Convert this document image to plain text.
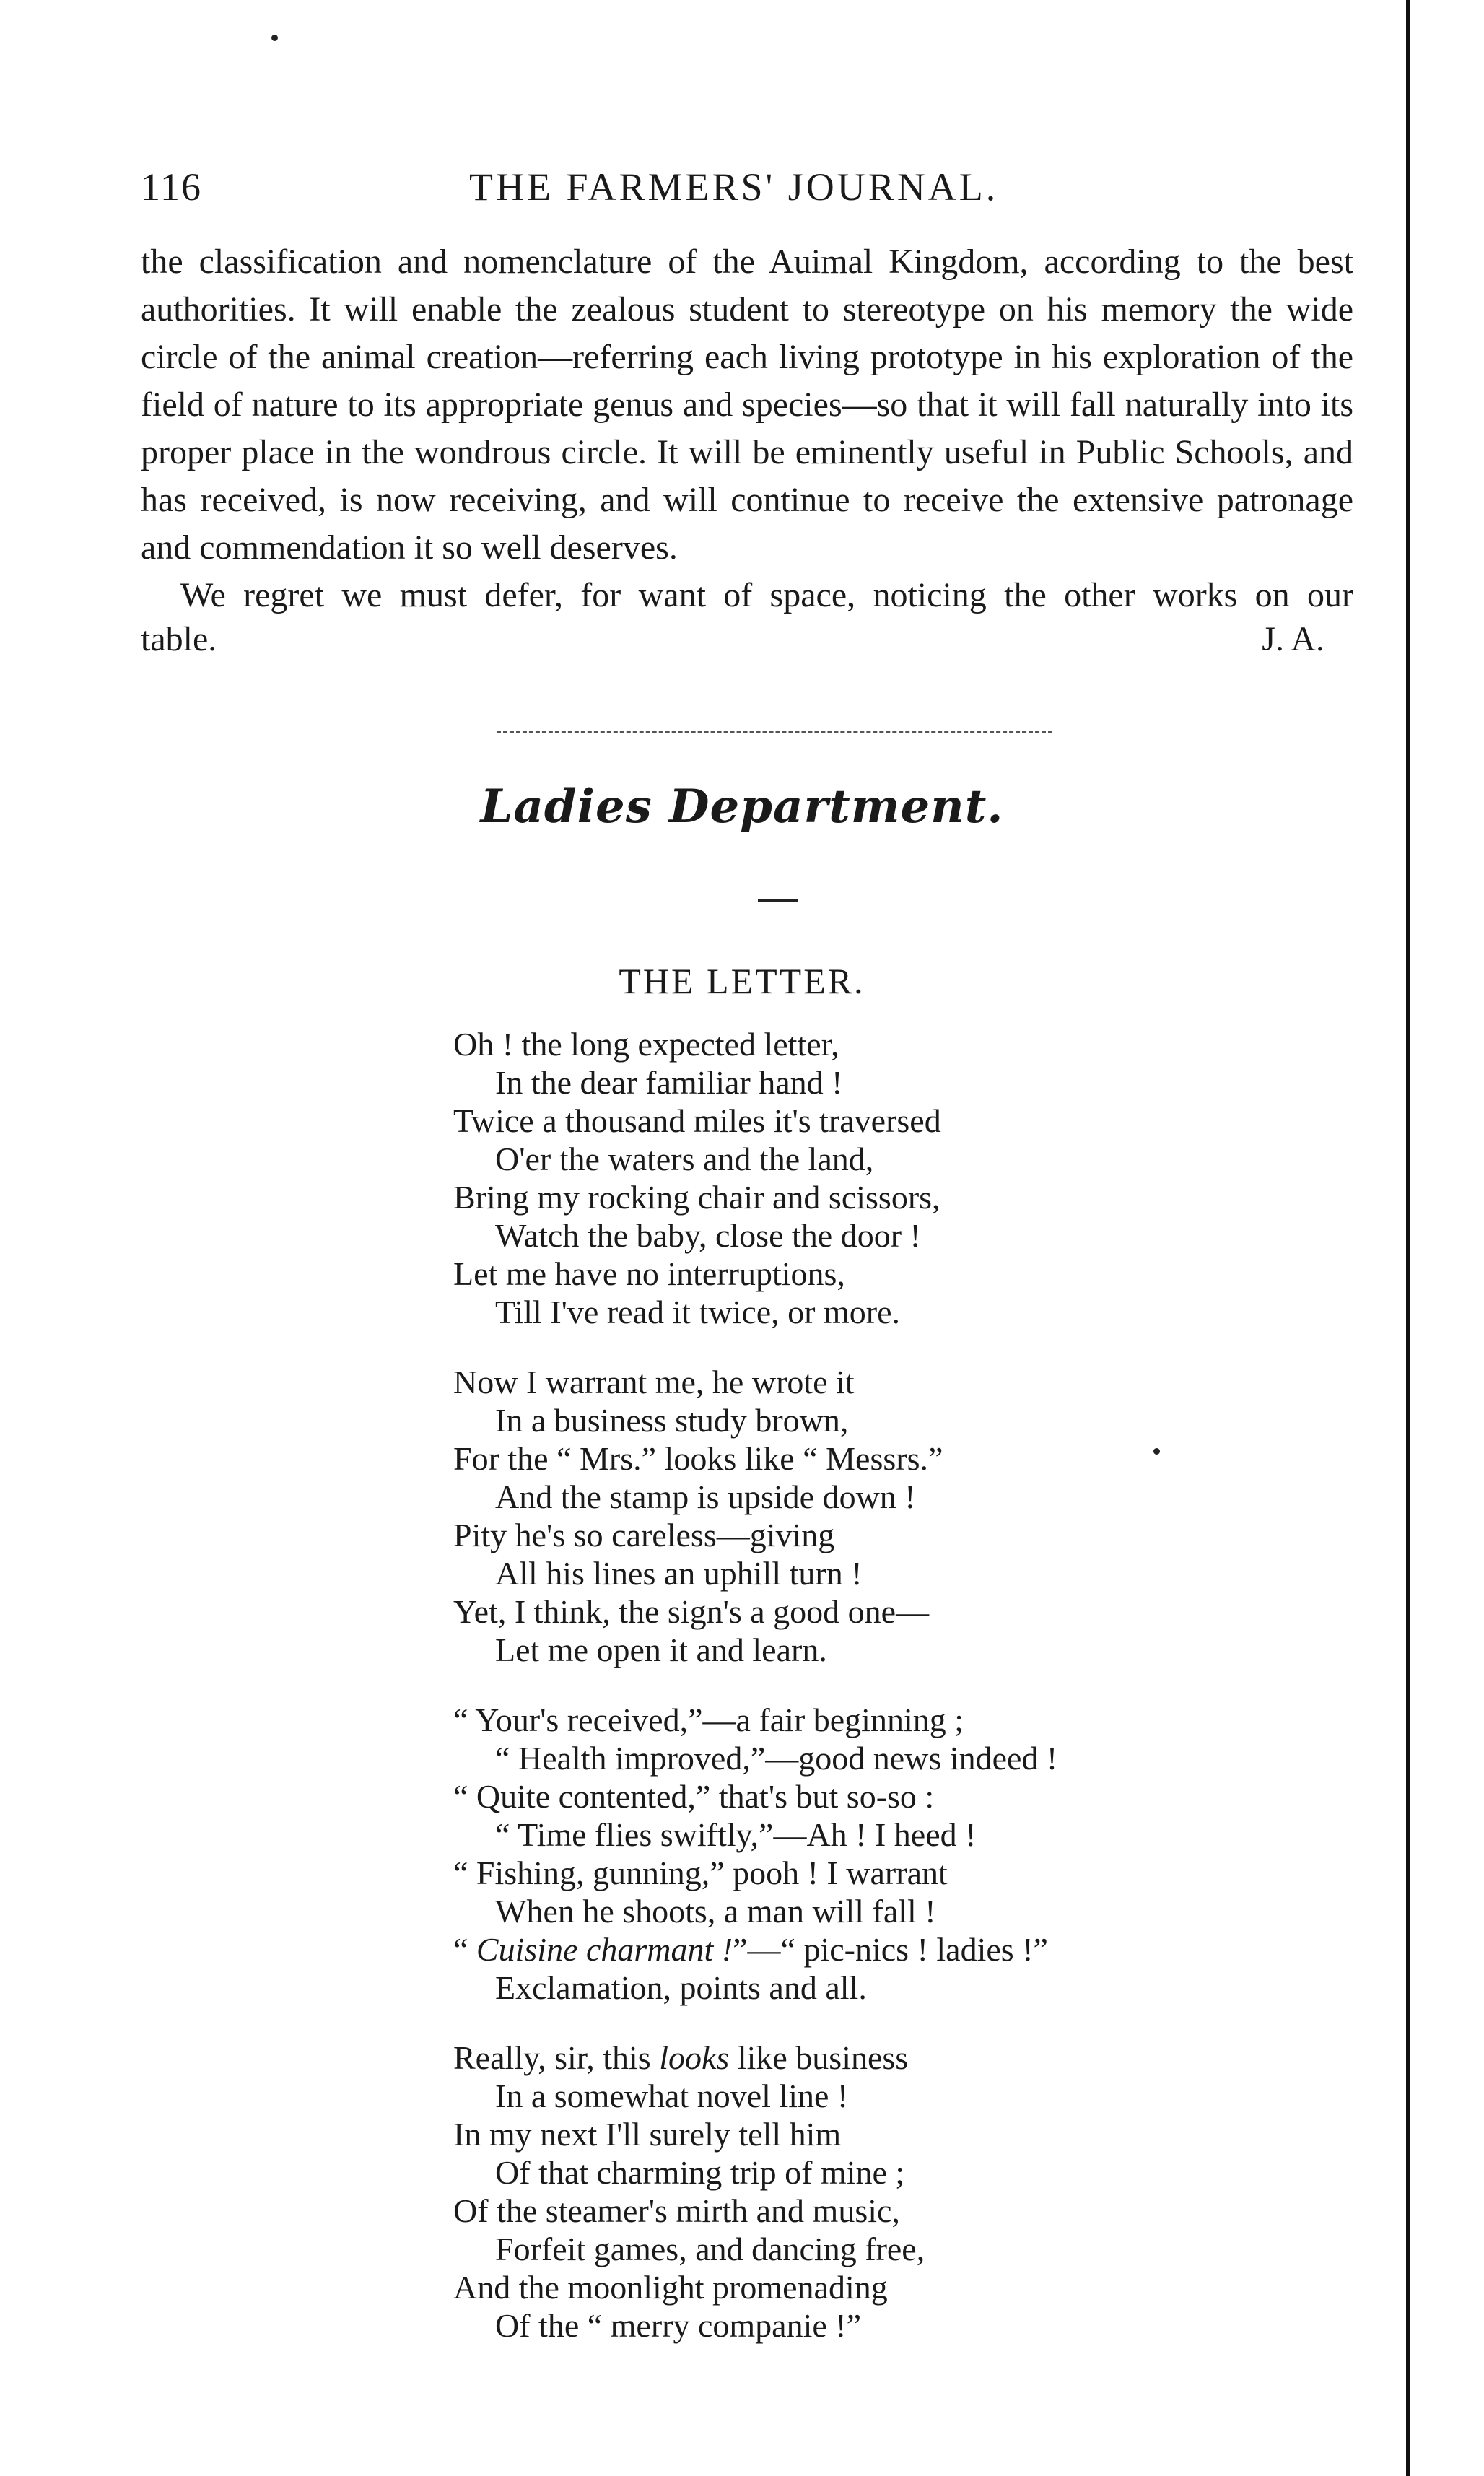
116	THE FARMERS' JOURNAL.

the classification and nomenclature of the Auimal Kingdom, according to the best authorities. It will enable the zealous student to stereotype on his memory the wide circle of the animal creation—referring each living prototype in his exploration of the field of nature to its appropriate genus and species—so that it will fall naturally into its proper place in the wondrous circle. It will be eminently useful in Public Schools, and has received, is now receiving, and will continue to receive the extensive patronage and commendation it so well deserves.

We regret we must defer, for want of space, noticing the other works on our

table.	J. A.
Ladies Department.
THE LETTER.
Oh ! the long expected letter,
In the dear familiar hand !
Twice a thousand miles it's traversed
O'er the waters and the land,
Bring my rocking chair and scissors,
Watch the baby, close the door !
Let me have no interruptions,
Till I've read it twice, or more.
Now I warrant me, he wrote it
In a business study brown,
For the “ Mrs.” looks like “ Messrs.”
And the stamp is upside down !
Pity he's so careless—giving
All his lines an uphill turn !
Yet, I think, the sign's a good one—
Let me open it and learn.
“ Your's received,”—a fair beginning ;
“ Health improved,”—good news indeed !
“ Quite contented,” that's but so-so :
“ Time flies swiftly,”—Ah ! I heed !
“ Fishing, gunning,” pooh ! I warrant
When he shoots, a man will fall !
“ Cuisine charmant !”—“ pic-nics ! ladies !”
Exclamation, points and all.
Really, sir, this looks like business
In a somewhat novel line !
In my next I'll surely tell him
Of that charming trip of mine ;
Of the steamer's mirth and music,
Forfeit games, and dancing free,
And the moonlight promenading
Of the “ merry companie !”
